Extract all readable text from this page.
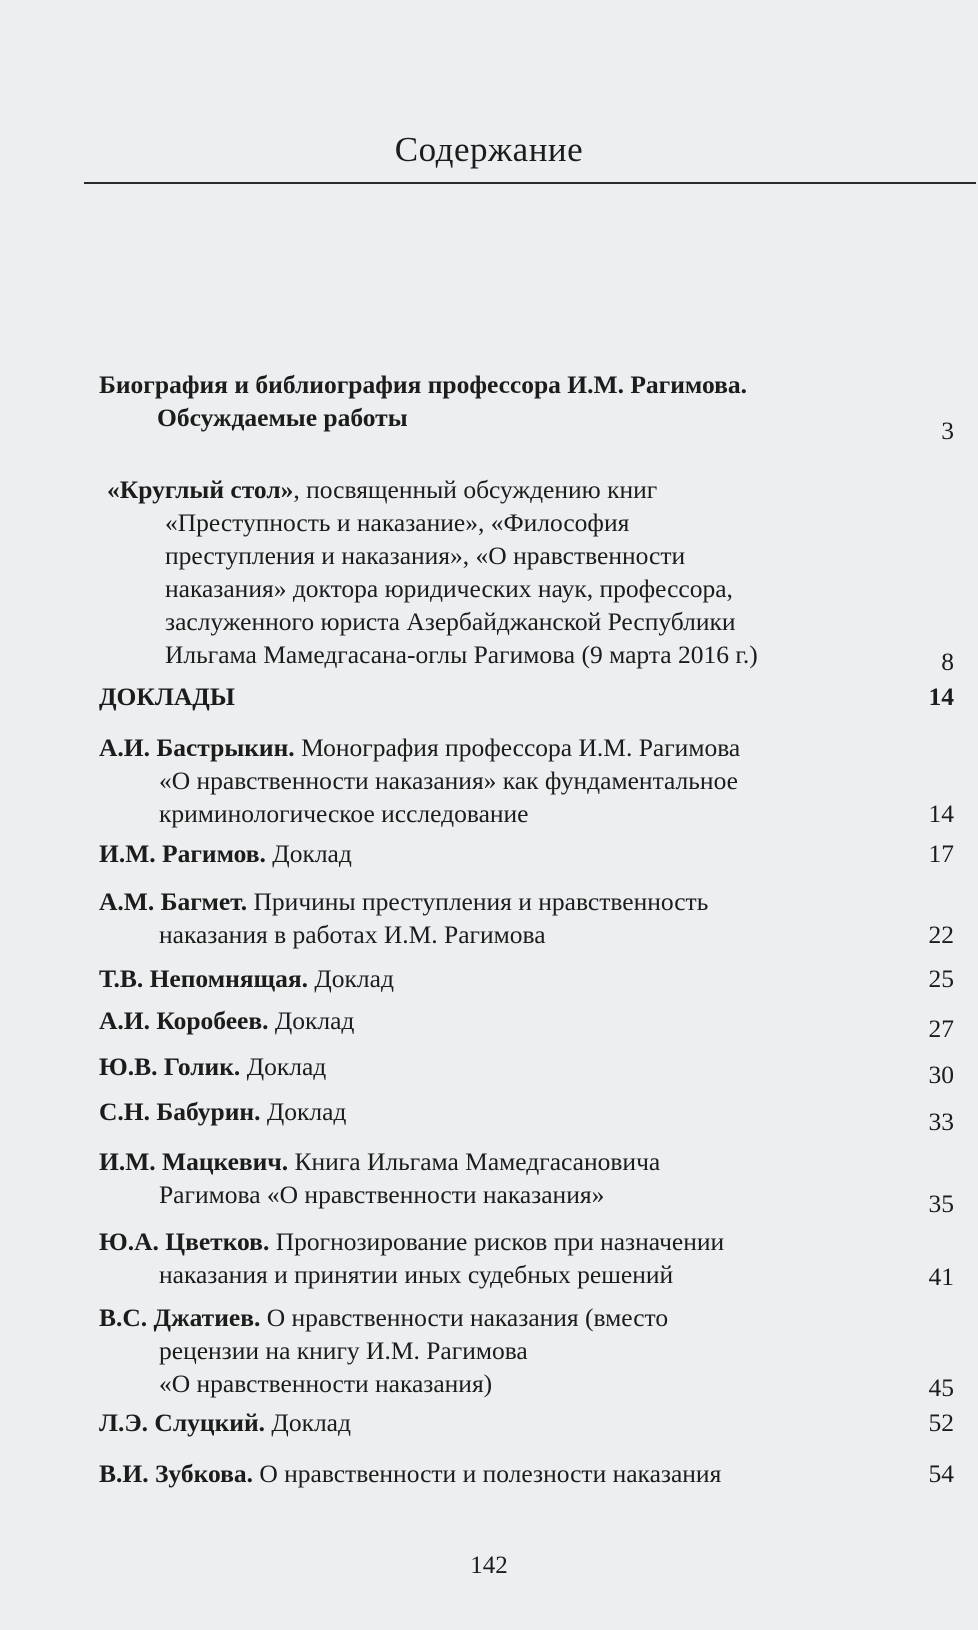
Содержание
Биография и библиография профессора И.М. Рагимова.
Обсуждаемые работы	3
«Круглый стол», посвященный обсуждению книг
«Преступность и наказание», «Философия
преступления и наказания», «О нравственности
наказания» доктора юридических наук, профессора,
заслуженного юриста Азербайджанской Республики
Ильгама Мамедгасана-оглы Рагимова (9 марта 2016 г.)	8
ДОКЛАДЫ	14
А.И. Бастрыкин. Монография профессора И.М. Рагимова
«О нравственности наказания» как фундаментальное
криминологическое исследование	14
И.М. Рагимов. Доклад	17
А.М. Багмет. Причины преступления и нравственность
наказания в работах И.М. Рагимова	22
Т.В. Непомнящая. Доклад	25
А.И. Коробеев. Доклад	27
Ю.В. Голик. Доклад	30
С.Н. Бабурин. Доклад	33
И.М. Мацкевич. Книга Ильгама Мамедгасановича
Рагимова «О нравственности наказания»	35
Ю.А. Цветков. Прогнозирование рисков при назначении
наказания и принятии иных судебных решений	41
В.С. Джатиев. О нравственности наказания (вместо
рецензии на книгу И.М. Рагимова
«О нравственности наказания)	45
Л.Э. Слуцкий. Доклад	52
В.И. Зубкова. О нравственности и полезности наказания	54
142
